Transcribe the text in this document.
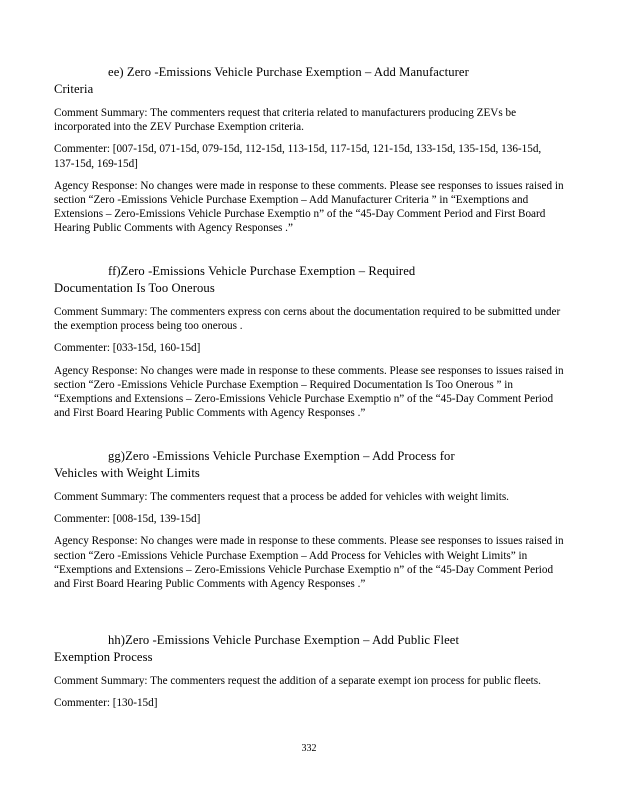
ee) Zero -Emissions Vehicle Purchase Exemption – Add Manufacturer
Criteria

Comment Summary: The commenters request that criteria related to manufacturers producing ZEVs be incorporated into the ZEV Purchase Exemption criteria.

Commenter: [007-15d, 071-15d, 079-15d, 112-15d, 113-15d, 117-15d, 121-15d, 133-15d, 135-15d, 136-15d, 137-15d, 169-15d]

Agency Response: No changes were made in response to these comments. Please see responses to issues raised in section “Zero -Emissions Vehicle Purchase Exemption – Add Manufacturer Criteria ” in “Exemptions and Extensions – Zero-Emissions Vehicle Purchase Exemptio n” of the “45-Day Comment Period and First Board Hearing Public Comments with Agency Responses .”

ff)Zero -Emissions Vehicle Purchase Exemption – Required
Documentation Is Too Onerous

Comment Summary: The commenters express con cerns about the documentation required to be submitted under the exemption process being too onerous .

Commenter: [033-15d, 160-15d]

Agency Response: No changes were made in response to these comments. Please see responses to issues raised in section “Zero -Emissions Vehicle Purchase Exemption – Required Documentation Is Too Onerous ” in “Exemptions and Extensions – Zero-Emissions Vehicle Purchase Exemptio n” of the “45-Day Comment Period and First Board Hearing Public Comments with Agency Responses .”

gg)Zero -Emissions Vehicle Purchase Exemption – Add Process for
Vehicles with Weight Limits

Comment Summary: The commenters request that a process be added for vehicles with weight limits.

Commenter: [008-15d, 139-15d]

Agency Response: No changes were made in response to these comments. Please see responses to issues raised in section “Zero -Emissions Vehicle Purchase Exemption – Add Process for Vehicles with Weight Limits” in “Exemptions and Extensions – Zero-Emissions Vehicle Purchase Exemptio n” of the “45-Day Comment Period and First Board Hearing Public Comments with Agency Responses .”

hh)Zero -Emissions Vehicle Purchase Exemption – Add Public Fleet
Exemption Process

Comment Summary: The commenters request the addition of a separate exempt ion process for public fleets.

Commenter: [130-15d]

332
